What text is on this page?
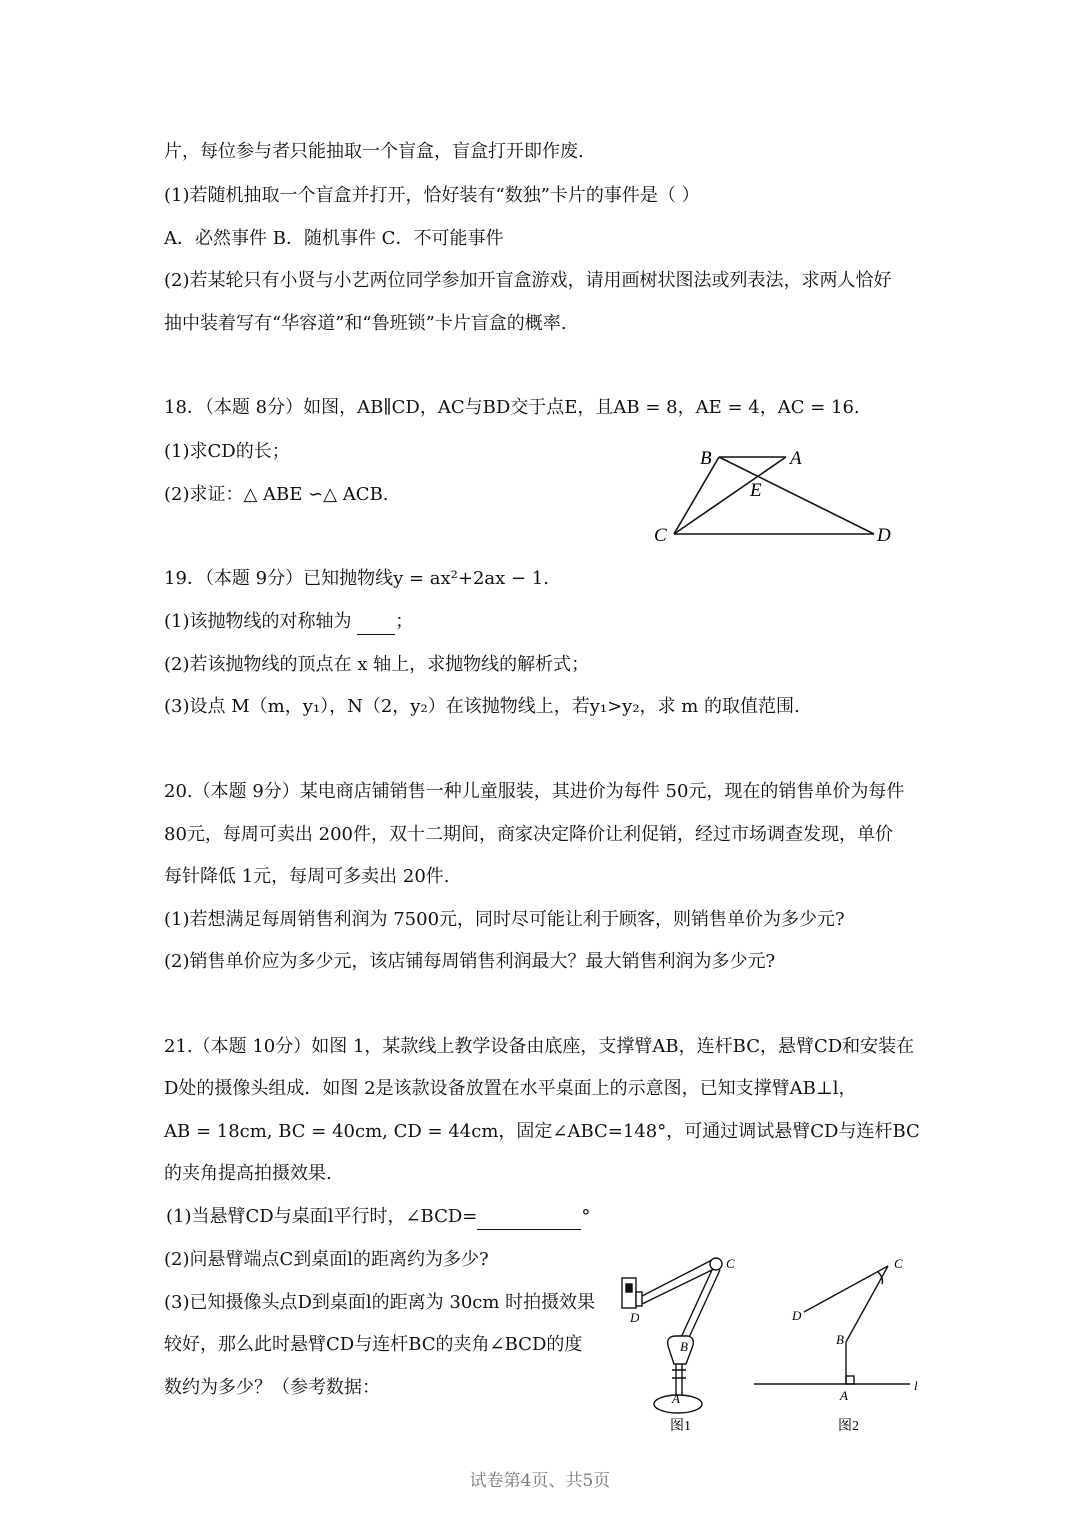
片，每位参与者只能抽取一个盲盒，盲盒打开即作废.
(1)若随机抽取一个盲盒并打开，恰好装有“数独”卡片的事件是（ ）
A．必然事件 B．随机事件 C．不可能事件
(2)若某轮只有小贤与小艺两位同学参加开盲盒游戏，请用画树状图法或列表法，求两人恰好
抽中装着写有“华容道”和“鲁班锁”卡片盲盒的概率.
18．（本题 8分）如图，AB∥CD，AC与BD交于点E，且AB = 8，AE = 4，AC = 16.
(1)求CD的长；
(2)求证：△ ABE ∽△ ACB.
B	A
E
C	D
19．（本题 9分）已知抛物线y = ax²+2ax − 1.
(1)该抛物线的对称轴为 ；
(2)若该抛物线的顶点在 x 轴上，求抛物线的解析式；
(3)设点 M（m，y₁），N（2，y₂）在该抛物线上，若y₁>y₂，求 m 的取值范围.
20.（本题 9分）某电商店铺销售一种儿童服装，其进价为每件 50元，现在的销售单价为每件
80元，每周可卖出 200件，双十二期间，商家决定降价让利促销，经过市场调查发现，单价
每针降低 1元，每周可多卖出 20件.
(1)若想满足每周销售利润为 7500元，同时尽可能让利于顾客，则销售单价为多少元?
(2)销售单价应为多少元，该店铺每周销售利润最大？最大销售利润为多少元?
21.（本题 10分）如图 1，某款线上教学设备由底座，支撑臂AB，连杆BC，悬臂CD和安装在
D处的摄像头组成．如图 2是该款设备放置在水平桌面上的示意图，已知支撑臂AB⊥l，
AB = 18cm, BC = 40cm, CD = 44cm，固定∠ABC=148°，可通过调试悬臂CD与连杆BC
的夹角提高拍摄效果.
(1)当悬臂CD与桌面l平行时，∠BCD=	°
(2)问悬臂端点C到桌面l的距离约为多少?
(3)已知摄像头点D到桌面l的距离为 30cm 时拍摄效果
较好，那么此时悬臂CD与连杆BC的夹角∠BCD的度
数约为多少？（参考数据：
C
D
B
A
图1
C
D
B
A
l
图2
试卷第4页、共5页
